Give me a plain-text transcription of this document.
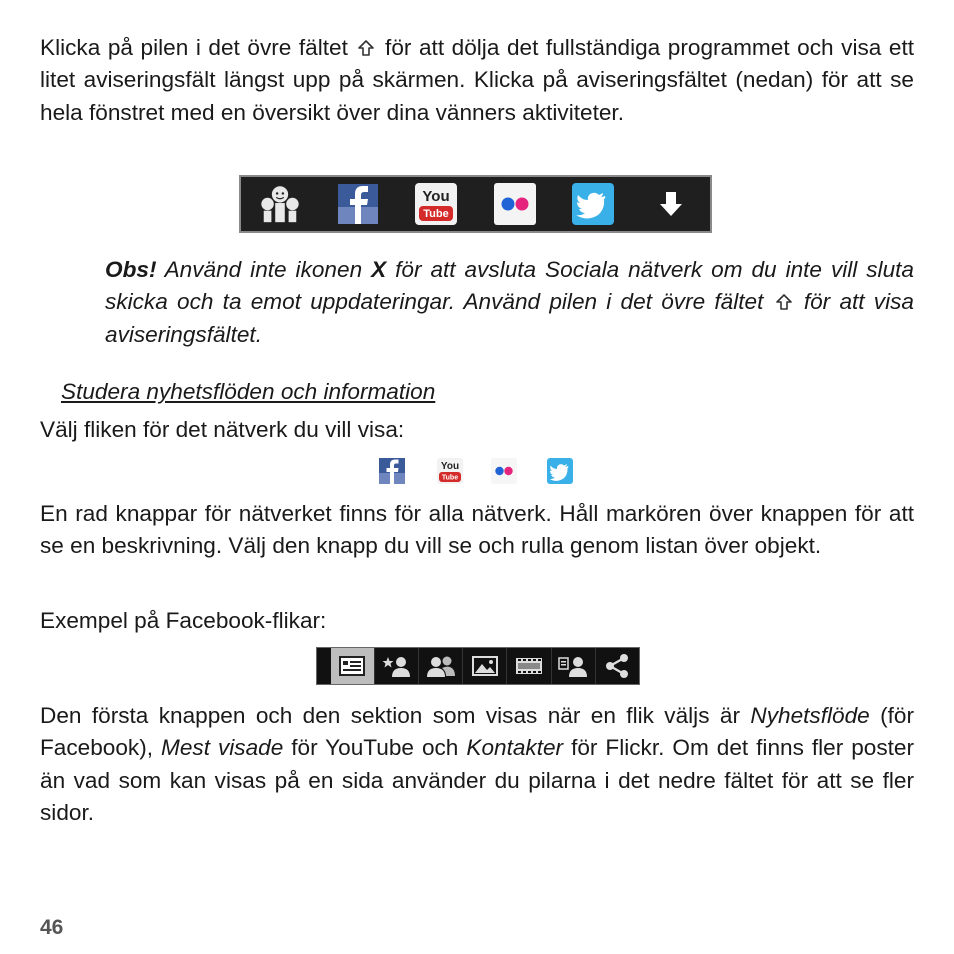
Klicka på pilen i det övre fältet för att dölja det fullständiga programmet och visa ett litet aviseringsfält längst upp på skärmen. Klicka på aviseringsfältet (nedan) för att se hela fönstret med en översikt över dina vänners aktiviteter.

You
Tube

Obs! Använd inte ikonen X för att avsluta Sociala nätverk om du inte vill sluta skicka och ta emot uppdateringar. Använd pilen i det övre fältet för att visa aviseringsfältet.

Studera nyhetsflöden och information

Välj fliken för det nätverk du vill visa:

You
Tube

En rad knappar för nätverket finns för alla nätverk. Håll markören över knappen för att se en beskrivning. Välj den knapp du vill se och rulla genom listan över objekt.

Exempel på Facebook-flikar:

Den första knappen och den sektion som visas när en flik väljs är Nyhetsflöde (för Facebook), Mest visade för YouTube och Kontakter för Flickr. Om det finns fler poster än vad som kan visas på en sida använder du pilarna i det nedre fältet för att se fler sidor.

46
